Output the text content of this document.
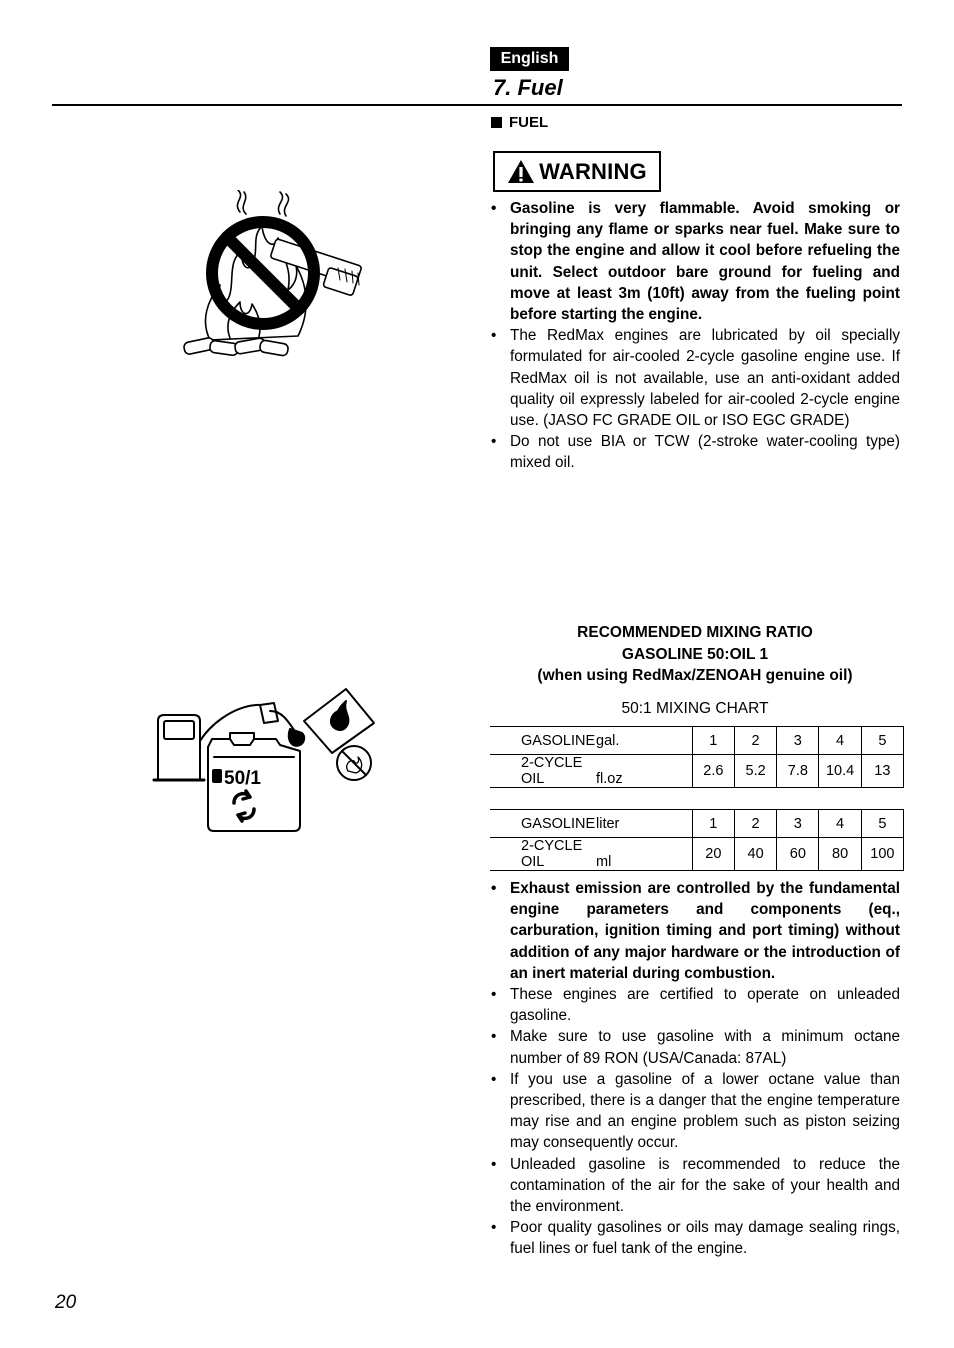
English
7. Fuel
FUEL
WARNING
• Gasoline is very flammable. Avoid smoking or bringing any flame or sparks near fuel. Make sure to stop the engine and allow it cool before refueling the unit. Select outdoor bare ground for fueling and move at least 3m (10ft) away from the fueling point before starting the engine.
• The RedMax engines are lubricated by oil specially formulated for air-cooled 2-cycle gasoline engine use. If RedMax oil is not available, use an anti-oxidant added quality oil expressly labeled for air-cooled 2-cycle engine use. (JASO FC GRADE OIL or ISO EGC GRADE)
• Do not use BIA or TCW (2-stroke water-cooling type) mixed oil.
RECOMMENDED MIXING RATIO
GASOLINE 50:OIL 1
(when using RedMax/ZENOAH genuine oil)
50:1 MIXING CHART
GASOLINEgal.	1	2	3	4	5
2-CYCLE OIL fl.oz	2.6	5.2	7.8	10.4	13
GASOLINEliter	1	2	3	4	5
2-CYCLE OIL ml	20	40	60	80	100
50/1
• Exhaust emission are controlled by the fundamental engine parameters and components (eq., carburation, ignition timing and port timing) without addition of any major hardware or the introduction of an inert material during combustion.
• These engines are certified to operate on unleaded gasoline.
• Make sure to use gasoline with a minimum octane number of 89 RON (USA/Canada: 87AL)
• If you use a gasoline of a lower octane value than prescribed, there is a danger that the engine temperature may rise and an engine problem such as piston seizing may consequently occur.
• Unleaded gasoline is recommended to reduce the contamination of the air for the sake of your health and the environment.
• Poor quality gasolines or oils may damage sealing rings, fuel lines or fuel tank of the engine.
20
